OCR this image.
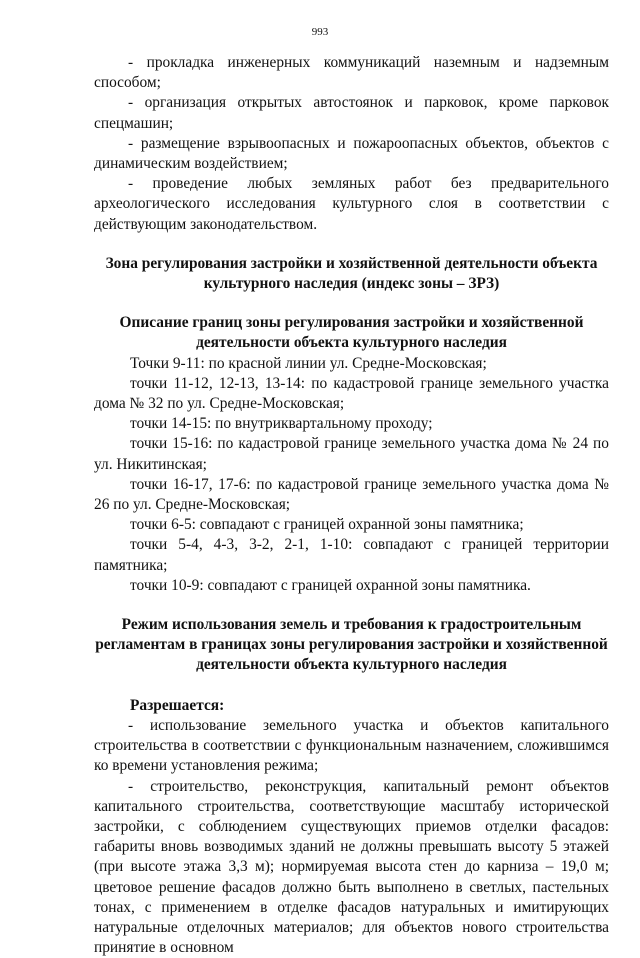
993

- прокладка инженерных коммуникаций наземным и надземным способом;

- организация открытых автостоянок и парковок, кроме парковок спецмашин;

- размещение взрывоопасных и пожароопасных объектов, объектов с динамическим воздействием;

- проведение любых земляных работ без предварительного археологического исследования культурного слоя в соответствии с действующим законодательством.

Зона регулирования застройки и хозяйственной деятельности объекта культурного наследия (индекс зоны – ЗРЗ)

Описание границ зоны регулирования застройки и хозяйственной деятельности объекта культурного наследия

Точки 9-11: по красной линии ул. Средне-Московская;

точки 11-12, 12-13, 13-14: по кадастровой границе земельного участка дома № 32 по ул. Средне-Московская;

точки 14-15: по внутриквартальному проходу;

точки 15-16: по кадастровой границе земельного участка дома № 24 по ул. Никитинская;

точки 16-17, 17-6: по кадастровой границе земельного участка дома № 26 по ул. Средне-Московская;

точки 6-5: совпадают с границей охранной зоны памятника;

точки 5-4, 4-3, 3-2, 2-1, 1-10: совпадают с границей территории памятника;

точки 10-9: совпадают с границей охранной зоны памятника.

Режим использования земель и требования к градостроительным регламентам в границах зоны регулирования застройки и хозяйственной деятельности объекта культурного наследия

Разрешается:

- использование земельного участка и объектов капитального строительства в соответствии с функциональным назначением, сложившимся ко времени установления режима;

- строительство, реконструкция, капитальный ремонт объектов капитального строительства, соответствующие масштабу исторической застройки, с соблюдением существующих приемов отделки фасадов: габариты вновь возводимых зданий не должны превышать высоту 5 этажей (при высоте этажа 3,3 м); нормируемая высота стен до карниза – 19,0 м; цветовое решение фасадов должно быть выполнено в светлых, пастельных тонах, с применением в отделке фасадов натуральных и имитирующих натуральные отделочных материалов; для объектов нового строительства принятие в основном
